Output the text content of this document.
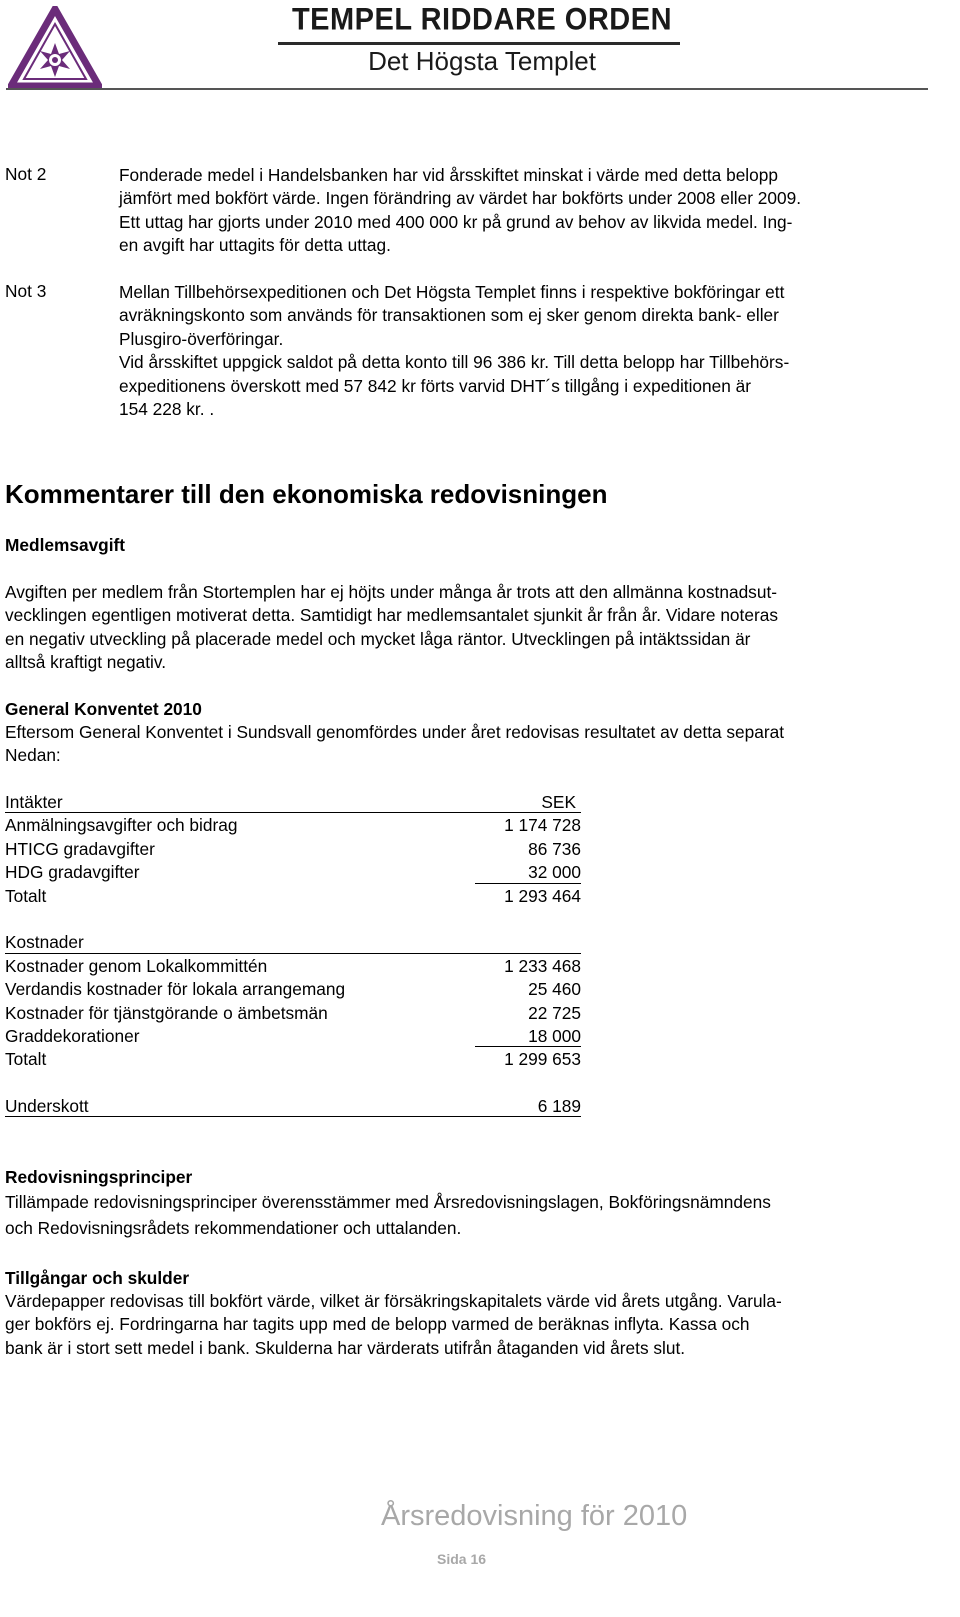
TEMPEL RIDDARE ORDEN
Det Högsta Templet
Not 2	Fonderade medel i Handelsbanken har vid årsskiftet minskat i värde med detta belopp

jämfört med bokfört värde. Ingen förändring av värdet har bokförts under 2008 eller 2009.

Ett uttag har gjorts under 2010 med 400 000 kr på grund av behov av likvida medel. Ing-

en avgift har uttagits för detta uttag.

Not 3	Mellan Tillbehörsexpeditionen och Det Högsta Templet finns i respektive bokföringar ett

avräkningskonto som används för transaktionen som ej sker genom direkta bank- eller

Plusgiro-överföringar.

Vid årsskiftet uppgick saldot på detta konto till 96 386 kr. Till detta belopp har Tillbehörs-

expeditionens överskott med 57 842 kr förts varvid DHT´s tillgång i expeditionen är

154 228 kr. .

Kommentarer till den ekonomiska redovisningen
Medlemsavgift

Avgiften per medlem från Stortemplen har ej höjts under många år trots att den allmänna kostnadsut-

vecklingen egentligen motiverat detta. Samtidigt har medlemsantalet sjunkit år från år. Vidare noteras

en negativ utveckling på placerade medel och mycket låga räntor. Utvecklingen på intäktssidan är

alltså kraftigt negativ.

General Konventet 2010

Eftersom General Konventet i Sundsvall genomfördes under året redovisas resultatet av detta separat

Nedan:

Intäkter	SEK
Anmälningsavgifter och bidrag	1 174 728
HTICG gradavgifter	86 736
HDG gradavgifter	32 000
Totalt	1 293 464
Kostnader
Kostnader genom Lokalkommittén	1 233 468
Verdandis kostnader för lokala arrangemang	25 460
Kostnader för tjänstgörande o ämbetsmän	22 725
Graddekorationer	18 000
Totalt	1 299 653
Underskott	6 189
Redovisningsprinciper

Tillämpade redovisningsprinciper överensstämmer med Årsredovisningslagen, Bokföringsnämndens

och Redovisningsrådets rekommendationer och uttalanden.

Tillgångar och skulder

Värdepapper redovisas till bokfört värde, vilket är försäkringskapitalets värde vid årets utgång. Varula-

ger bokförs ej. Fordringarna har tagits upp med de belopp varmed de beräknas inflyta. Kassa och

bank är i stort sett medel i bank. Skulderna har värderats utifrån åtaganden vid årets slut.

Årsredovisning för 2010
Sida 16
